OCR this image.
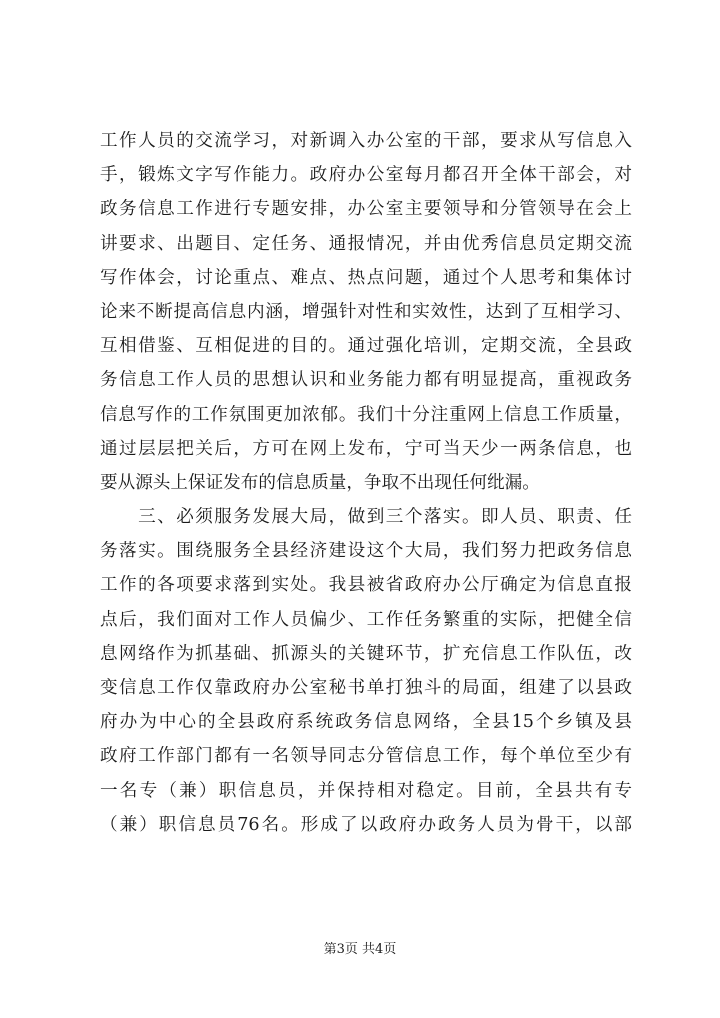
工作人员的交流学习，对新调入办公室的干部，要求从写信息入
手，锻炼文字写作能力。政府办公室每月都召开全体干部会，对
政务信息工作进行专题安排，办公室主要领导和分管领导在会上
讲要求、出题目、定任务、通报情况，并由优秀信息员定期交流
写作体会，讨论重点、难点、热点问题，通过个人思考和集体讨
论来不断提高信息内涵，增强针对性和实效性，达到了互相学习、
互相借鉴、互相促进的目的。通过强化培训，定期交流，全县政
务信息工作人员的思想认识和业务能力都有明显提高，重视政务
信息写作的工作氛围更加浓郁。我们十分注重网上信息工作质量，
通过层层把关后，方可在网上发布，宁可当天少一两条信息，也
要从源头上保证发布的信息质量，争取不出现任何纰漏。
　　三、必须服务发展大局，做到三个落实。即人员、职责、任
务落实。围绕服务全县经济建设这个大局，我们努力把政务信息
工作的各项要求落到实处。我县被省政府办公厅确定为信息直报
点后，我们面对工作人员偏少、工作任务繁重的实际，把健全信
息网络作为抓基础、抓源头的关键环节，扩充信息工作队伍，改
变信息工作仅靠政府办公室秘书单打独斗的局面，组建了以县政
府办为中心的全县政府系统政务信息网络，全县15个乡镇及县
政府工作部门都有一名领导同志分管信息工作，每个单位至少有
一名专（兼）职信息员，并保持相对稳定。目前，全县共有专
（兼）职信息员76名。形成了以政府办政务人员为骨干，以部
第3页 共4页
